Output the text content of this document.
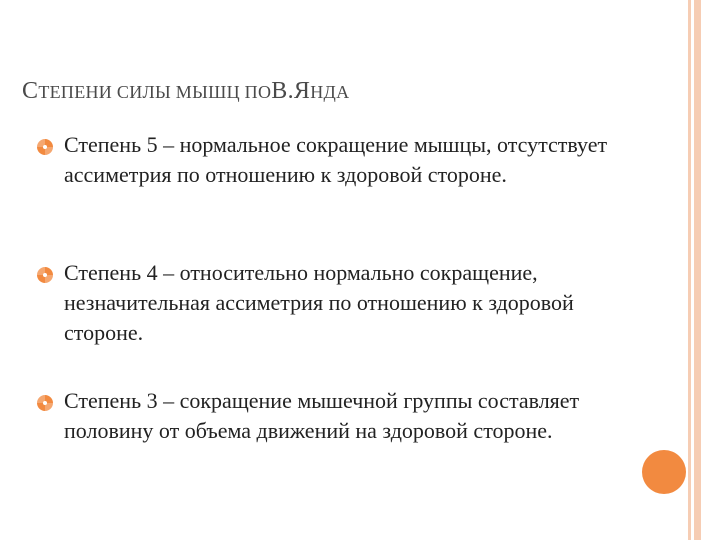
СТЕПЕНИ СИЛЫ МЫШЦ ПОВ.ЯНДА
Степень 5 – нормальное сокращение мышцы, отсутствует ассиметрия по отношению к здоровой стороне.
Степень 4 – относительно нормально сокращение, незначительная ассиметрия по отношению к здоровой стороне.
Степень 3 – сокращение мышечной группы составляет половину от объема движений на здоровой стороне.
